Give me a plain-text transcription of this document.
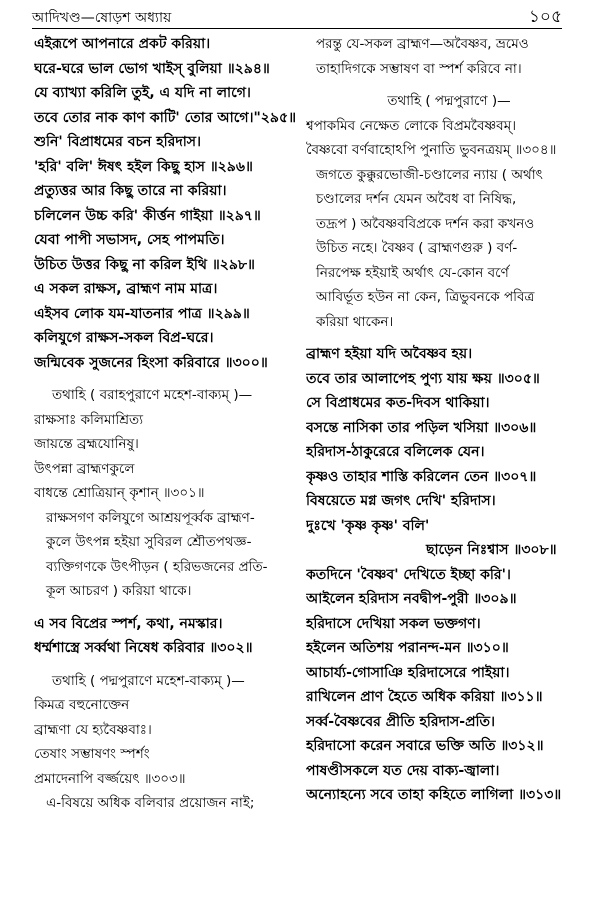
আদিখণ্ড—ষোড়শ অধ্যায়	১০৫
এইরূপে আপনারে প্রকট করিয়া।
ঘরে-ঘরে ভাল ভোগ খাইস্ বুলিয়া ॥২৯৪॥
যে ব্যাখ্যা করিলি তুই, এ যদি না লাগে।
তবে তোর নাক কাণ কাটি' তোর আগে।"২৯৫॥
শুনি' বিপ্রাধমের বচন হরিদাস।
'হরি' বলি' ঈষৎ হইল কিছু হাস ॥২৯৬॥
প্রত্যুত্তর আর কিছু তারে না করিয়া।
চলিলেন উচ্চ করি' কীর্ত্তন গাইয়া ॥২৯৭॥
যেবা পাপী সভাসদ, সেহ পাপমতি।
উচিত উত্তর কিছু না করিল ইথি ॥২৯৮॥
এ সকল রাক্ষস, ব্রাহ্মণ নাম মাত্র।
এইসব লোক যম-যাতনার পাত্র ॥২৯৯॥
কলিযুগে রাক্ষস-সকল বিপ্র-ঘরে।
জন্মিবেক সুজনের হিংসা করিবারে ॥৩০০॥
তথাহি ( বরাহপুরাণে মহেশ-বাক্যম্ )—
রাক্ষসাঃ কলিমাশ্রিত্য
জায়ন্তে ব্রহ্মযোনিষু।
উৎপন্না ব্রাহ্মণকুলে
বাধন্তে শ্রোত্রিয়ান্ কৃশান্ ॥৩০১॥
রাক্ষসগণ কলিযুগে আশ্রয়পূর্ব্বক ব্রাহ্মণ-
কুলে উৎপন্ন হইয়া সুবিরল শ্রৌতপথজ্ঞ-
ব্যক্তিগণকে উৎপীড়ন ( হরিভজনের প্রতি-
কূল আচরণ ) করিয়া থাকে।
এ সব বিপ্রের স্পর্শ, কথা, নমস্কার।
ধর্ম্মশাস্ত্রে সর্ব্বথা নিষেধ করিবার ॥৩০২॥
তথাহি ( পদ্মপুরাণে মহেশ-বাক্যম্ )—
কিমত্র বহুনোক্তেন
ব্রাহ্মণা যে হ্যবৈষ্ণবাঃ।
তেষাং সম্ভাষণং স্পর্শং
প্রমাদেনাপি বর্জ্জয়েৎ ॥৩০৩॥
এ-বিষয়ে অধিক বলিবার প্রয়োজন নাই;
পরন্তু যে-সকল ব্রাহ্মণ—অবৈষ্ণব, ভ্রমেও
তাহাদিগকে সম্ভাষণ বা স্পর্শ করিবে না।
তথাহি ( পদ্মপুরাণে )—
শ্বপাকমিব নেক্ষেত লোকে বিপ্রমবৈষ্ণবম্।
বৈষ্ণবো বর্ণবাহোঽপি পুনাতি ভুবনত্রয়ম্ ॥৩০৪॥
জগতে কুক্কুরভোজী-চণ্ডালের ন্যায় ( অর্থাৎ
চণ্ডালের দর্শন যেমন অবৈধ বা নিষিদ্ধ,
তদ্রূপ ) অবৈষ্ণববিপ্রকে দর্শন করা কখনও
উচিত নহে। বৈষ্ণব ( ব্রাহ্মণগুরু ) বর্ণ-
নিরপেক্ষ হইয়াই অর্থাৎ যে-কোন বর্ণে
আবির্ভূত হউন না কেন, ত্রিভুবনকে পবিত্র
করিয়া থাকেন।
ব্রাহ্মণ হইয়া যদি অবৈষ্ণব হয়।
তবে তার আলাপেহ পুণ্য যায় ক্ষয় ॥৩০৫॥
সে বিপ্রাধমের কত-দিবস থাকিয়া।
বসন্তে নাসিকা তার পড়িল খসিয়া ॥৩০৬॥
হরিদাস-ঠাকুরেরে বলিলেক যেন।
কৃষ্ণও তাহার শাস্তি করিলেন তেন ॥৩০৭॥
বিষয়েতে মগ্ন জগৎ দেখি' হরিদাস।
দুঃখে 'কৃষ্ণ কৃষ্ণ' বলি'
ছাড়েন নিঃশ্বাস ॥৩০৮॥
কতদিনে 'বৈষ্ণব' দেখিতে ইচ্ছা করি'।
আইলেন হরিদাস নবদ্বীপ-পুরী ॥৩০৯॥
হরিদাসে দেখিয়া সকল ভক্তগণ।
হইলেন অতিশয় পরানন্দ-মন ॥৩১০॥
আচার্য্য-গোসাঞি হরিদাসেরে পাইয়া।
রাখিলেন প্রাণ হৈতে অধিক করিয়া ॥৩১১॥
সর্ব্ব-বৈষ্ণবের প্রীতি হরিদাস-প্রতি।
হরিদাসো করেন সবারে ভক্তি অতি ॥৩১২॥
পাষণ্ডীসকলে যত দেয় বাক্য-জ্বালা।
অন্যোহন্যে সবে তাহা কহিতে লাগিলা ॥৩১৩॥
